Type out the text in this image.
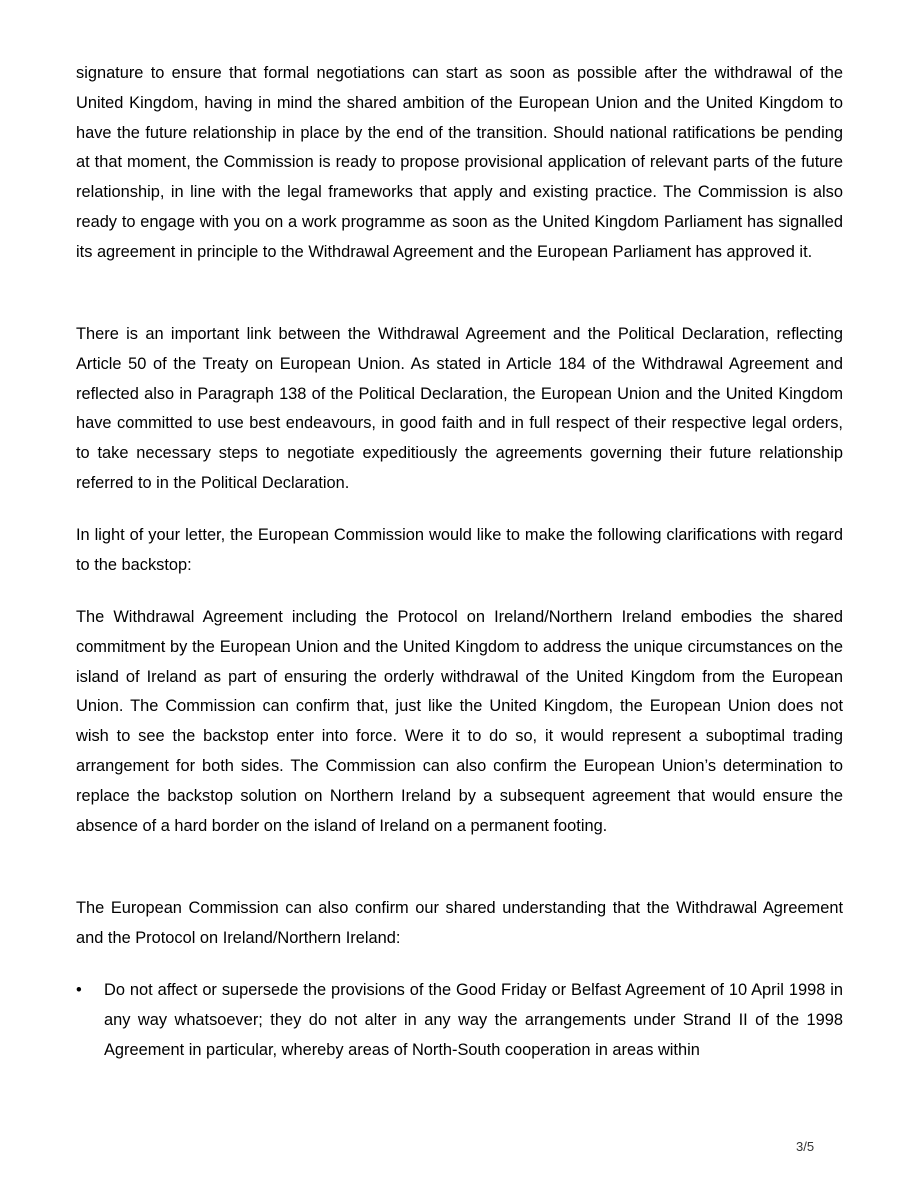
signature to ensure that formal negotiations can start as soon as possible after the withdrawal of the United Kingdom, having in mind the shared ambition of the European Union and the United Kingdom to have the future relationship in place by the end of the transition. Should national ratifications be pending at that moment, the Commission is ready to propose provisional application of relevant parts of the future relationship, in line with the legal frameworks that apply and existing practice. The Commission is also ready to engage with you on a work programme as soon as the United Kingdom Parliament has signalled its agreement in principle to the Withdrawal Agreement and the European Parliament has approved it.

There is an important link between the Withdrawal Agreement and the Political Declaration, reflecting Article 50 of the Treaty on European Union. As stated in Article 184 of the Withdrawal Agreement and reflected also in Paragraph 138 of the Political Declaration, the European Union and the United Kingdom have committed to use best endeavours, in good faith and in full respect of their respective legal orders, to take necessary steps to negotiate expeditiously the agreements governing their future relationship referred to in the Political Declaration.

In light of your letter, the European Commission would like to make the following clarifications with regard to the backstop:

The Withdrawal Agreement including the Protocol on Ireland/Northern Ireland embodies the shared commitment by the European Union and the United Kingdom to address the unique circumstances on the island of Ireland as part of ensuring the orderly withdrawal of the United Kingdom from the European Union. The Commission can confirm that, just like the United Kingdom, the European Union does not wish to see the backstop enter into force. Were it to do so, it would represent a suboptimal trading arrangement for both sides. The Commission can also confirm the European Union’s determination to replace the backstop solution on Northern Ireland by a subsequent agreement that would ensure the absence of a hard border on the island of Ireland on a permanent footing.

The European Commission can also confirm our shared understanding that the Withdrawal Agreement and the Protocol on Ireland/Northern Ireland:

•	Do not affect or supersede the provisions of the Good Friday or Belfast Agreement of 10 April 1998 in any way whatsoever; they do not alter in any way the arrangements under Strand II of the 1998 Agreement in particular, whereby areas of North-South cooperation in areas within

3/5
